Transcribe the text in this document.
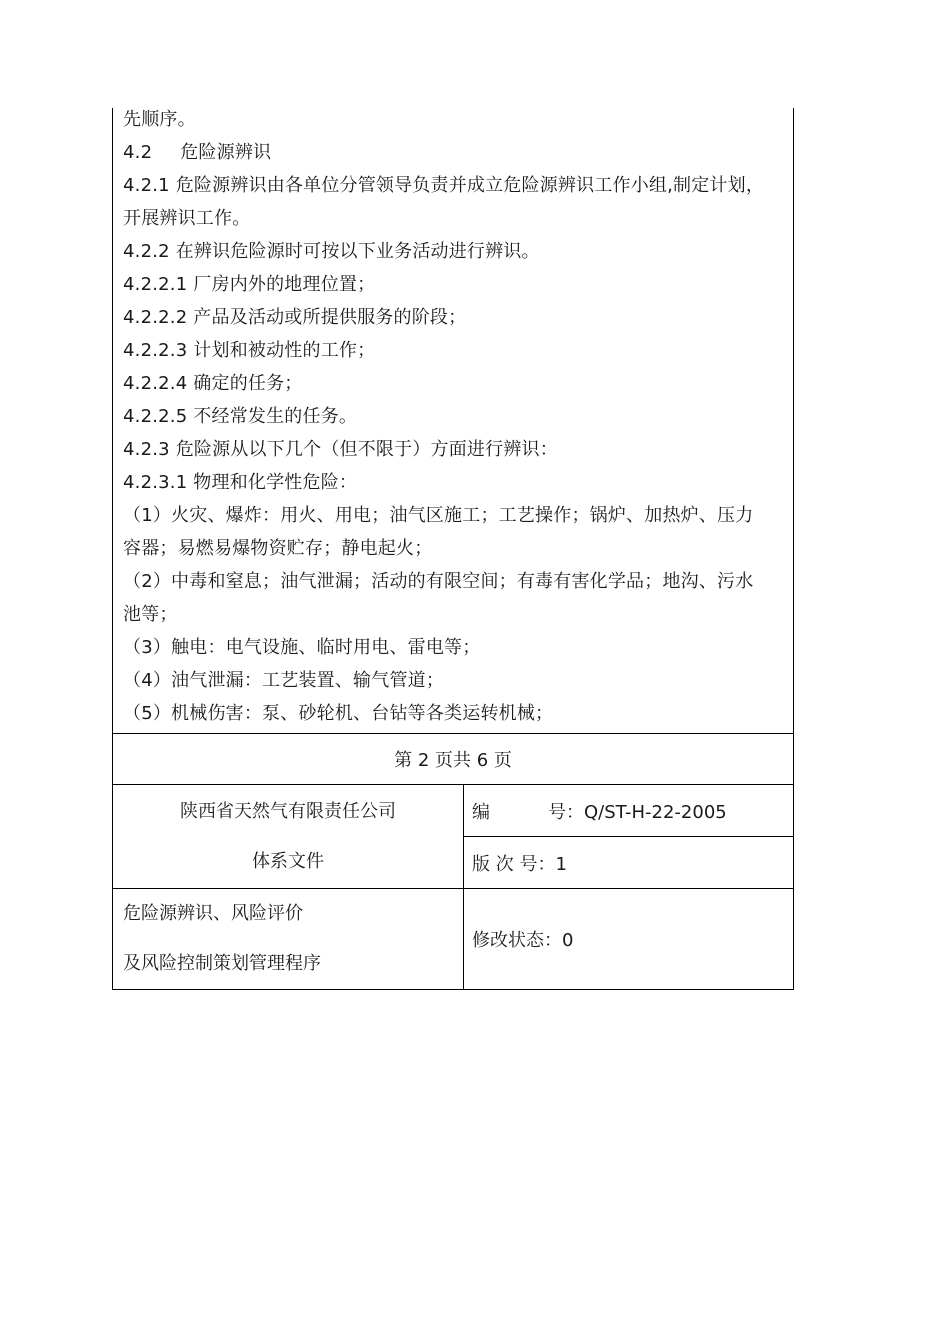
先顺序。
4.2 危险源辨识
4.2.1 危险源辨识由各单位分管领导负责并成立危险源辨识工作小组,制定计划，
开展辨识工作。
4.2.2 在辨识危险源时可按以下业务活动进行辨识。
4.2.2.1 厂房内外的地理位置；
4.2.2.2 产品及活动或所提供服务的阶段；
4.2.2.3 计划和被动性的工作；
4.2.2.4 确定的任务；
4.2.2.5 不经常发生的任务。
4.2.3 危险源从以下几个（但不限于）方面进行辨识：
4.2.3.1 物理和化学性危险：
（1）火灾、爆炸：用火、用电；油气区施工；工艺操作；锅炉、加热炉、压力
容器；易燃易爆物资贮存；静电起火；
（2）中毒和窒息；油气泄漏；活动的有限空间；有毒有害化学品；地沟、污水
池等；
（3）触电：电气设施、临时用电、雷电等；
（4）油气泄漏：工艺装置、输气管道；
（5）机械伤害：泵、砂轮机、台钻等各类运转机械；
第 2 页共 6 页
陕西省天然气有限责任公司
体系文件	编 号：Q/ST-H-22-2005
	版 次 号：1

危险源辨识、风险评价
及风险控制策划管理程序	修改状态：0
